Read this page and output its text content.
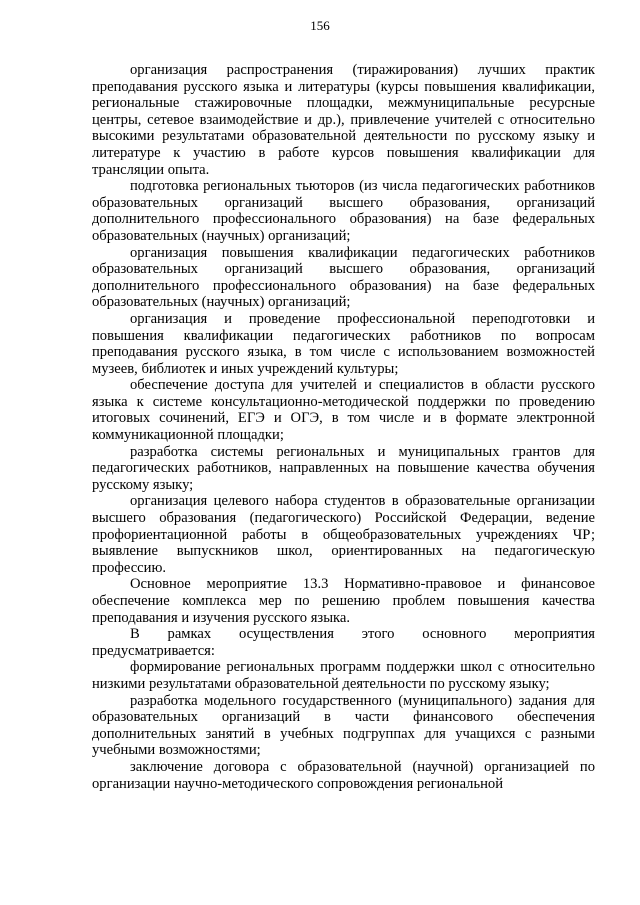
156

организация распространения (тиражирования) лучших практик преподавания русского языка и литературы (курсы повышения квалификации, региональные стажировочные площадки, межмуниципальные ресурсные центры, сетевое взаимодействие и др.), привлечение учителей с относительно высокими результатами образовательной деятельности по русскому языку и литературе к участию в работе курсов повышения квалификации для трансляции опыта.

подготовка региональных тьюторов (из числа педагогических работников образовательных организаций высшего образования, организаций дополнительного профессионального образования) на базе федеральных образовательных (научных) организаций;

организация повышения квалификации педагогических работников образовательных организаций высшего образования, организаций дополнительного профессионального образования) на базе федеральных образовательных (научных) организаций;

организация и проведение профессиональной переподготовки и повышения квалификации педагогических работников по вопросам преподавания русского языка, в том числе с использованием возможностей музеев, библиотек и иных учреждений культуры;

обеспечение доступа для учителей и специалистов в области русского языка к системе консультационно-методической поддержки по проведению итоговых сочинений, ЕГЭ и ОГЭ, в том числе и в формате электронной коммуникационной площадки;

разработка системы региональных и муниципальных грантов для педагогических работников, направленных на повышение качества обучения русскому языку;

организация целевого набора студентов в образовательные организации высшего образования (педагогического) Российской Федерации, ведение профориентационной работы в общеобразовательных учреждениях ЧР; выявление выпускников школ, ориентированных на педагогическую профессию.

Основное мероприятие 13.3 Нормативно-правовое и финансовое обеспечение комплекса мер по решению проблем повышения качества преподавания и изучения русского языка.

В рамках осуществления этого основного мероприятия предусматривается:

формирование региональных программ поддержки школ с относительно низкими результатами образовательной деятельности по русскому языку;

разработка модельного государственного (муниципального) задания для образовательных организаций в части финансового обеспечения дополнительных занятий в учебных подгруппах для учащихся с разными учебными возможностями;

заключение договора с образовательной (научной) организацией по организации научно-методического сопровождения региональной
